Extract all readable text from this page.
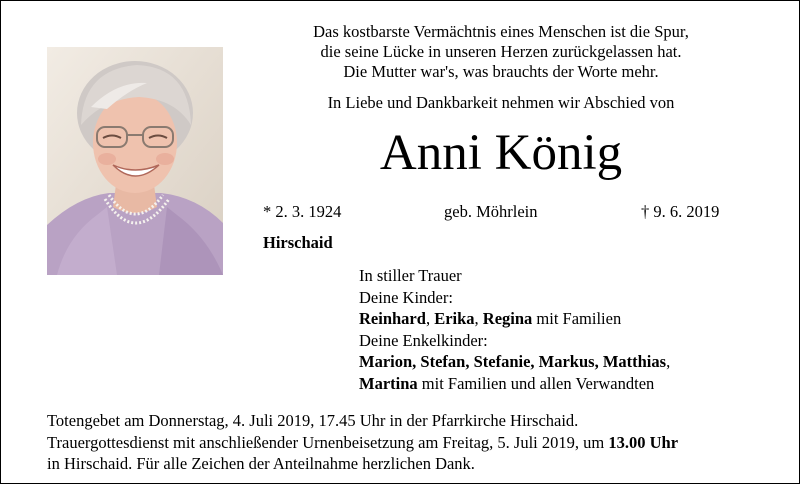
Das kostbarste Vermächtnis eines Menschen ist die Spur,
die seine Lücke in unseren Herzen zurückgelassen hat.
Die Mutter war's, was brauchts der Worte mehr.
In Liebe und Dankbarkeit nehmen wir Abschied von
Anni König
* 2. 3. 1924	geb. Möhrlein	† 9. 6. 2019
Hirschaid
In stiller Trauer
Deine Kinder:
Reinhard, Erika, Regina mit Familien
Deine Enkelkinder:
Marion, Stefan, Stefanie, Markus, Matthias,
Martina mit Familien und allen Verwandten
Totengebet am Donnerstag, 4. Juli 2019, 17.45 Uhr in der Pfarrkirche Hirschaid.
Trauergottesdienst mit anschließender Urnenbeisetzung am Freitag, 5. Juli 2019, um 13.00 Uhr
in Hirschaid. Für alle Zeichen der Anteilnahme herzlichen Dank.
